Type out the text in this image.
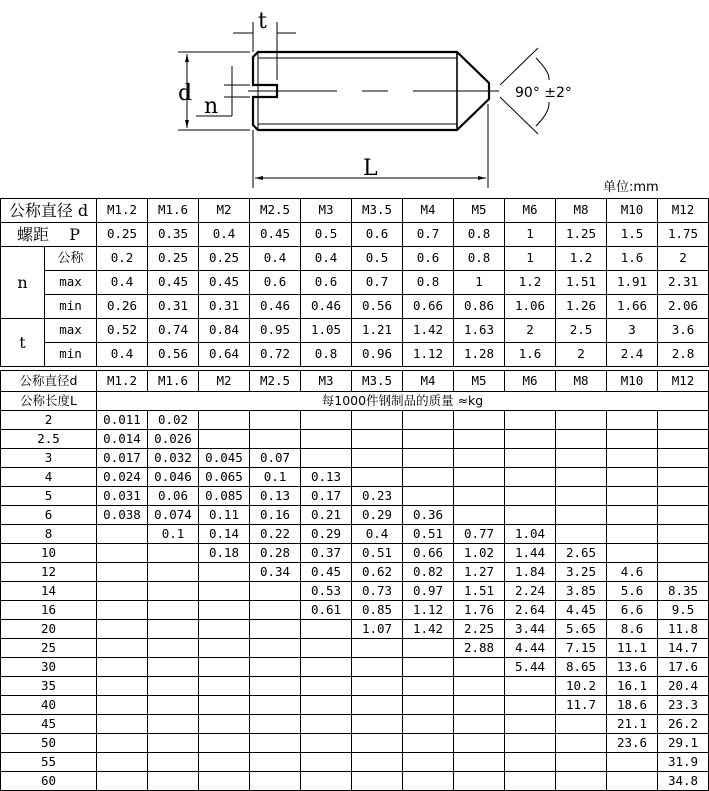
t
d
n
L
90° ±2°
单位:mm
公称直径 d		M1.2	M1.6	M2	M2.5	M3	M3.5	M4	M5	M6	M8	M10	M12
螺距 P		0.25	0.35	0.4	0.45	0.5	0.6	0.7	0.8	1	1.25	1.5	1.75
n	公称	0.2	0.25	0.25	0.4	0.4	0.5	0.6	0.8	1	1.2	1.6	2
	max	0.4	0.45	0.45	0.6	0.6	0.7	0.8	1	1.2	1.51	1.91	2.31
	min	0.26	0.31	0.31	0.46	0.46	0.56	0.66	0.86	1.06	1.26	1.66	2.06
t	max	0.52	0.74	0.84	0.95	1.05	1.21	1.42	1.63	2	2.5	3	3.6
	min	0.4	0.56	0.64	0.72	0.8	0.96	1.12	1.28	1.6	2	2.4	2.8
公称直径d	M1.2	M1.6	M2	M2.5	M3	M3.5	M4	M5	M6	M8	M10	M12
公称长度L	每1000件钢制品的质量 ≈kg											
2	0.011	0.02										
2.5	0.014	0.026										
3	0.017	0.032	0.045	0.07								
4	0.024	0.046	0.065	0.1	0.13							
5	0.031	0.06	0.085	0.13	0.17	0.23						
6	0.038	0.074	0.11	0.16	0.21	0.29	0.36					
8		0.1	0.14	0.22	0.29	0.4	0.51	0.77	1.04			
10			0.18	0.28	0.37	0.51	0.66	1.02	1.44	2.65		
12				0.34	0.45	0.62	0.82	1.27	1.84	3.25	4.6	
14					0.53	0.73	0.97	1.51	2.24	3.85	5.6	8.35
16					0.61	0.85	1.12	1.76	2.64	4.45	6.6	9.5
20						1.07	1.42	2.25	3.44	5.65	8.6	11.8
25								2.88	4.44	7.15	11.1	14.7
30									5.44	8.65	13.6	17.6
35										10.2	16.1	20.4
40										11.7	18.6	23.3
45											21.1	26.2
50											23.6	29.1
55												31.9
60												34.8
